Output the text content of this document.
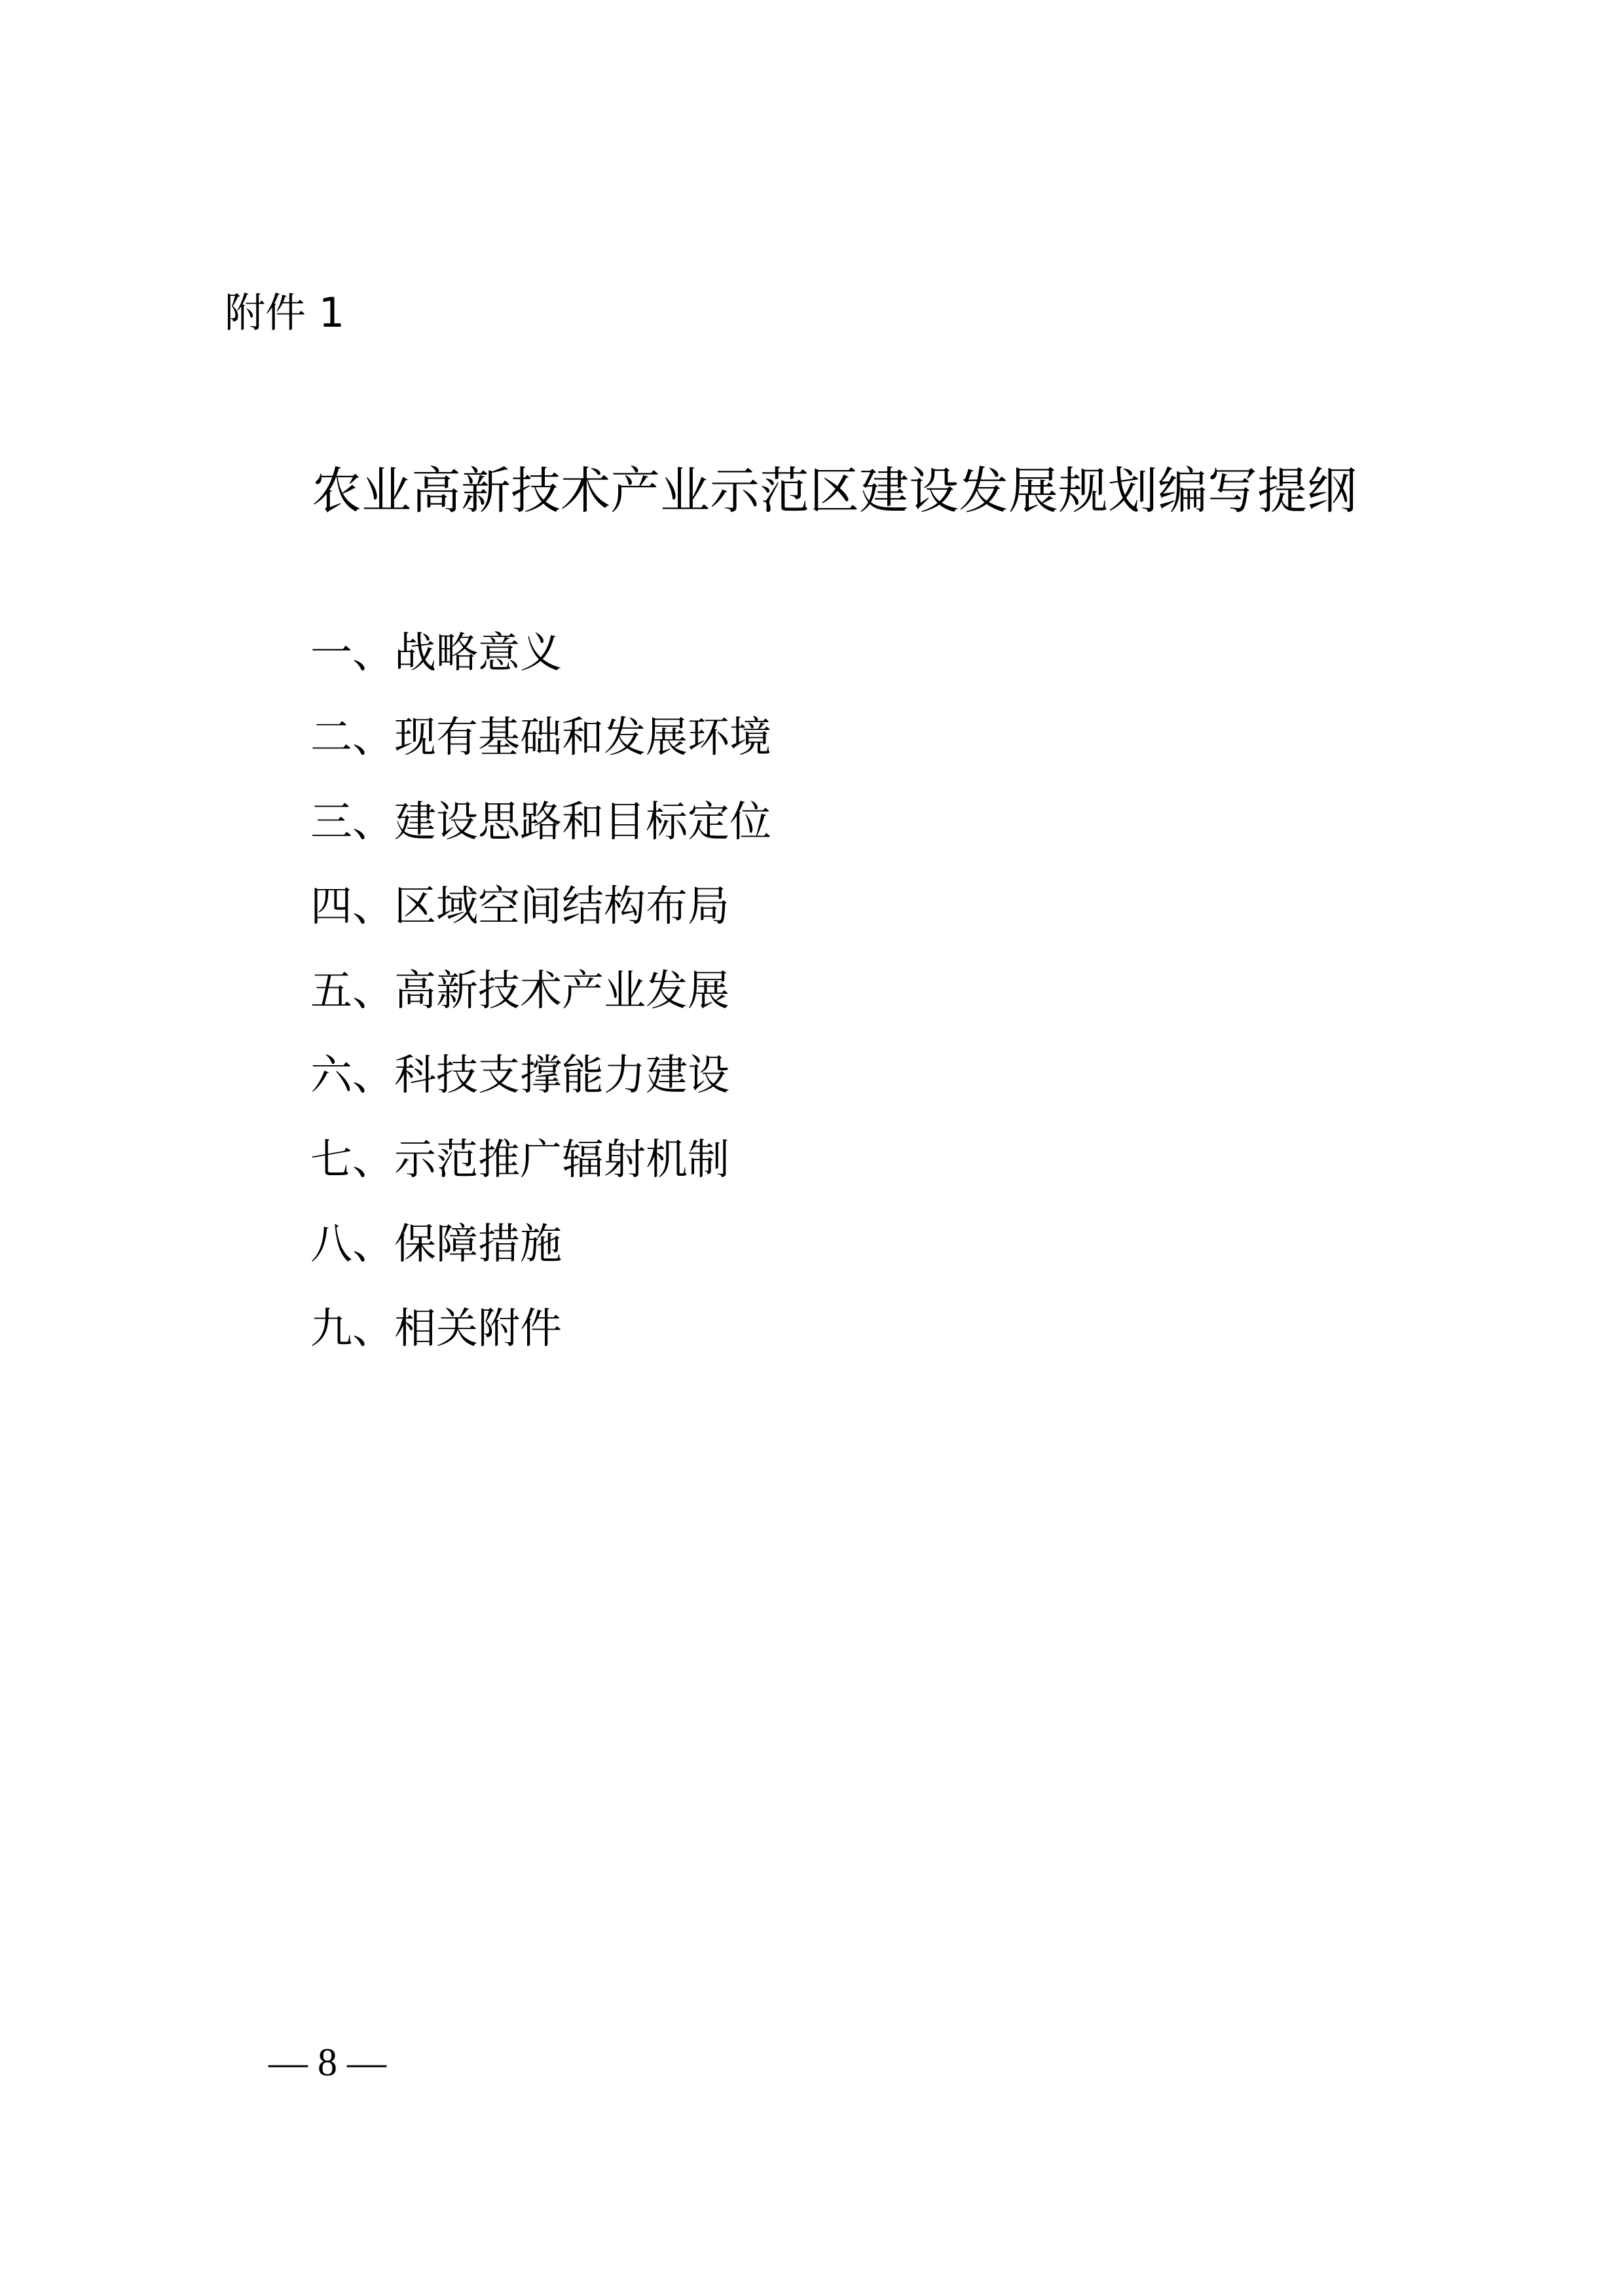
附件 1
农业高新技术产业示范区建设发展规划编写提纲
一、战略意义
二、现有基础和发展环境
三、建设思路和目标定位
四、区域空间结构布局
五、高新技术产业发展
六、科技支撑能力建设
七、示范推广辐射机制
八、保障措施
九、相关附件
— 8 —
